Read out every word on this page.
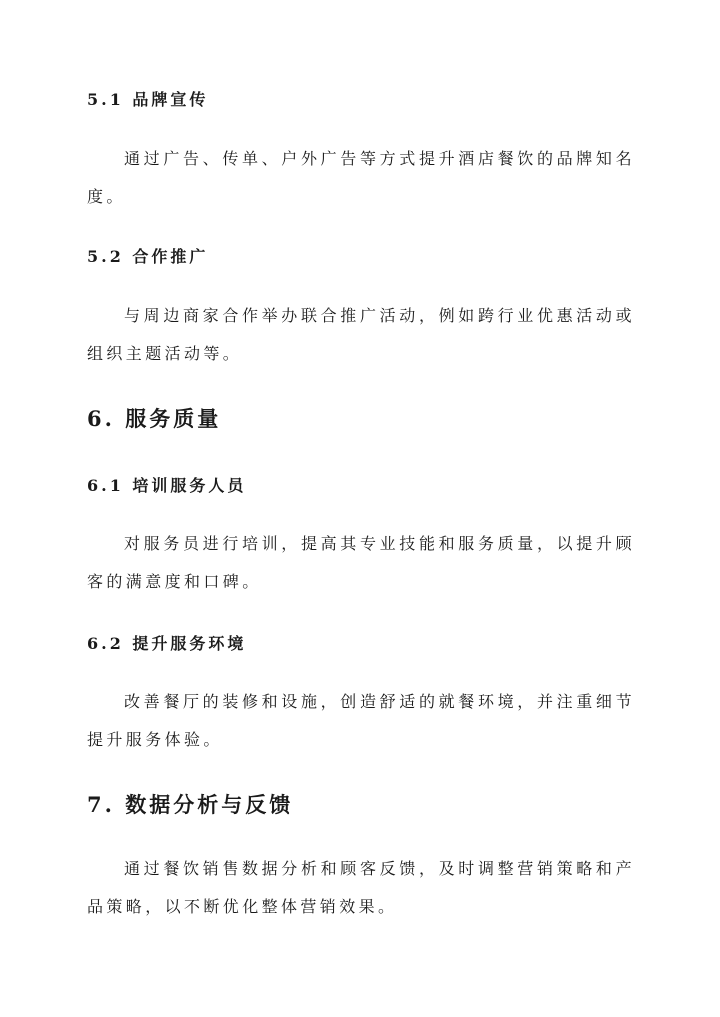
5.1 品牌宣传

通过广告、传单、户外广告等方式提升酒店餐饮的品牌知名度。

5.2 合作推广

与周边商家合作举办联合推广活动，例如跨行业优惠活动或组织主题活动等。

6. 服务质量
6.1 培训服务人员

对服务员进行培训，提高其专业技能和服务质量，以提升顾客的满意度和口碑。

6.2 提升服务环境

改善餐厅的装修和设施，创造舒适的就餐环境，并注重细节提升服务体验。

7. 数据分析与反馈

通过餐饮销售数据分析和顾客反馈，及时调整营销策略和产品策略，以不断优化整体营销效果。
